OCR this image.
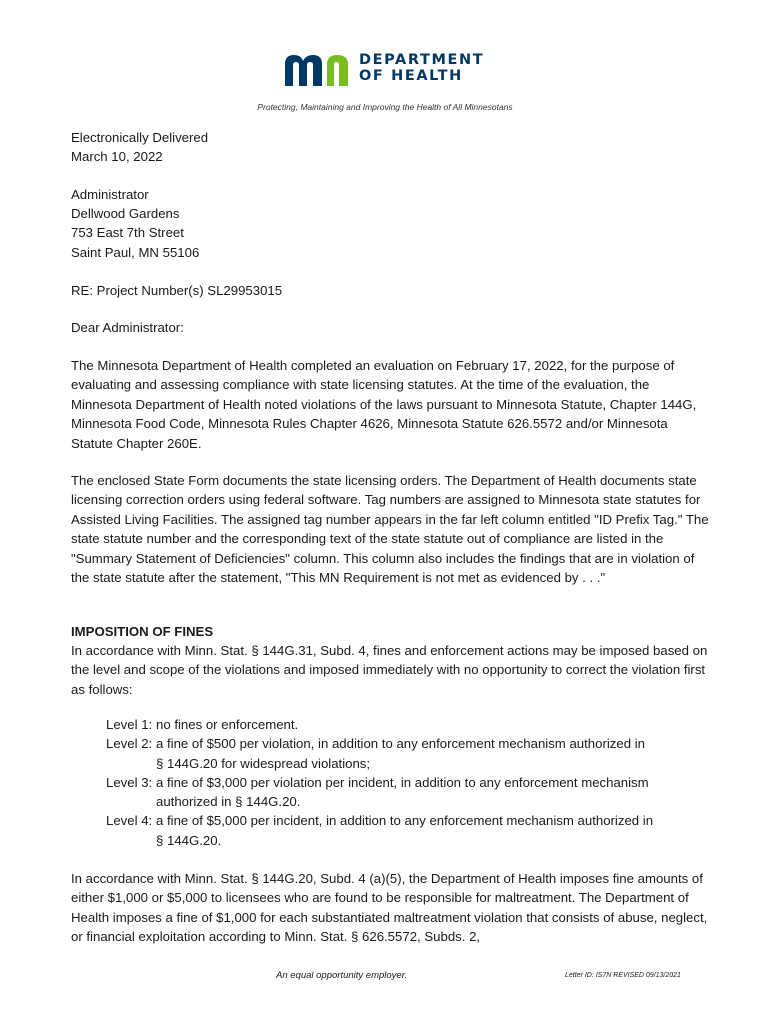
DEPARTMENT
OF HEALTH
Protecting, Maintaining and Improving the Health of All Minnesotans
Electronically Delivered
March 10, 2022
Administrator
Dellwood Gardens
753 East 7th Street
Saint Paul, MN 55106
RE: Project Number(s) SL29953015
Dear Administrator:
The Minnesota Department of Health completed an evaluation on February 17, 2022, for the purpose of evaluating and assessing compliance with state licensing statutes. At the time of the evaluation, the Minnesota Department of Health noted violations of the laws pursuant to Minnesota Statute, Chapter 144G, Minnesota Food Code, Minnesota Rules Chapter 4626, Minnesota Statute 626.5572 and/or Minnesota Statute Chapter 260E.
The enclosed State Form documents the state licensing orders. The Department of Health documents state licensing correction orders using federal software. Tag numbers are assigned to Minnesota state statutes for Assisted Living Facilities. The assigned tag number appears in the far left column entitled "ID Prefix Tag." The state statute number and the corresponding text of the state statute out of compliance are listed in the "Summary Statement of Deficiencies" column. This column also includes the findings that are in violation of the state statute after the statement, "This MN Requirement is not met as evidenced by . . ."
IMPOSITION OF FINES
In accordance with Minn. Stat. § 144G.31, Subd. 4, fines and enforcement actions may be imposed based on the level and scope of the violations and imposed immediately with no opportunity to correct the violation first as follows:
Level 1: no fines or enforcement.
Level 2: a fine of $500 per violation, in addition to any enforcement mechanism authorized in
§ 144G.20 for widespread violations;
Level 3: a fine of $3,000 per violation per incident, in addition to any enforcement mechanism
authorized in § 144G.20.
Level 4: a fine of $5,000 per incident, in addition to any enforcement mechanism authorized in
§ 144G.20.
In accordance with Minn. Stat. § 144G.20, Subd. 4 (a)(5), the Department of Health imposes fine amounts of either $1,000 or $5,000 to licensees who are found to be responsible for maltreatment. The Department of Health imposes a fine of $1,000 for each substantiated maltreatment violation that consists of abuse, neglect, or financial exploitation according to Minn. Stat. § 626.5572, Subds. 2,
An equal opportunity employer.	Letter ID: IS7N REVISED 09/13/2021
